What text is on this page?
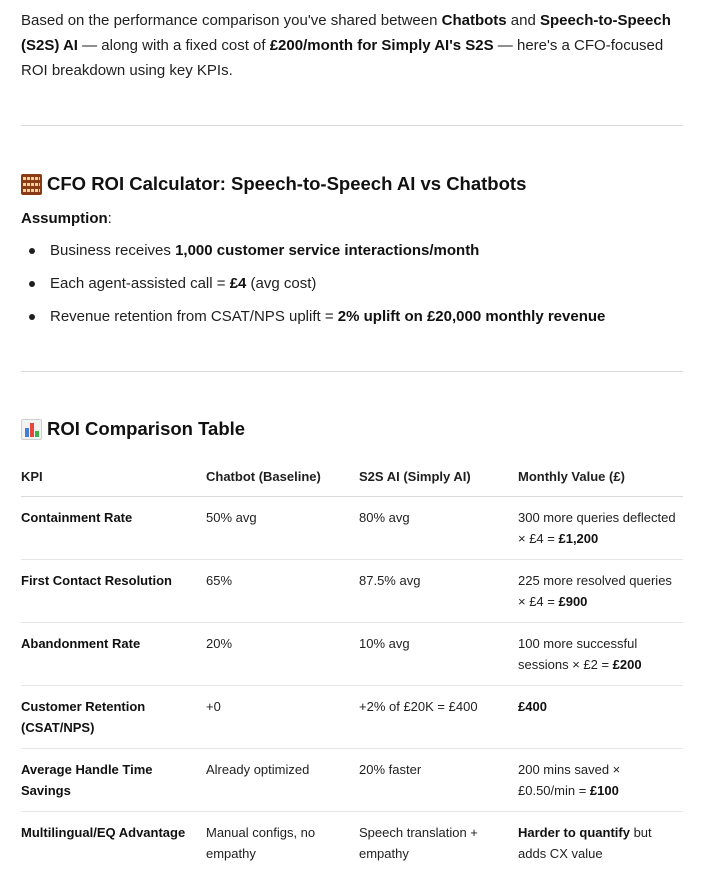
Based on the performance comparison you've shared between Chatbots and Speech-to-Speech (S2S) AI — along with a fixed cost of £200/month for Simply AI's S2S — here's a CFO-focused ROI breakdown using key KPIs.

CFO ROI Calculator: Speech-to-Speech AI vs Chatbots

Assumption:

Business receives 1,000 customer service interactions/month
Each agent-assisted call = £4 (avg cost)
Revenue retention from CSAT/NPS uplift = 2% uplift on £20,000 monthly revenue
ROI Comparison Table
KPI	Chatbot (Baseline)	S2S AI (Simply AI)	Monthly Value (£)
Containment Rate	50% avg	80% avg	300 more queries deflected × £4 = £1,200
First Contact Resolution	65%	87.5% avg	225 more resolved queries × £4 = £900
Abandonment Rate	20%	10% avg	100 more successful sessions × £2 = £200
Customer Retention (CSAT/NPS)	+0	+2% of £20K = £400	£400
Average Handle Time Savings	Already optimized	20% faster	200 mins saved × £0.50/min = £100
Multilingual/EQ Advantage	Manual configs, no empathy	Speech translation + empathy	Harder to quantify but adds CX value
